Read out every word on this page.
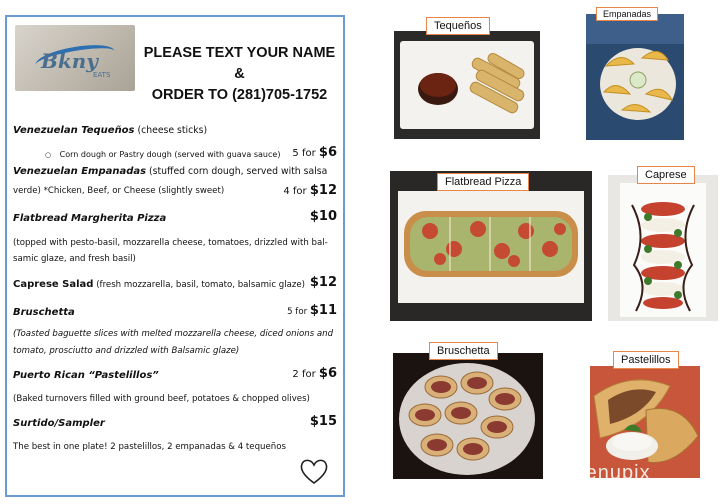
Bkny
EATS
PLEASE TEXT YOUR NAME &
ORDER TO (281)705-1752
Venezuelan Tequeños (cheese sticks)
○ Corn dough or Pastry dough (served with guava sauce)	5 for $6
Venezuelan Empanadas (stuffed corn dough, served with salsa
verde) *Chicken, Beef, or Cheese (slightly sweet)	4 for $12
Flatbread Margherita Pizza	$10
(topped with pesto-basil, mozzarella cheese, tomatoes, drizzled with bal-
samic glaze, and fresh basil)
Caprese Salad (fresh mozzarella, basil, tomato, balsamic glaze) $12
Bruschetta	5 for $11
(Toasted baguette slices with melted mozzarella cheese, diced onions and
tomato, prosciutto and drizzled with Balsamic glaze)
Puerto Rican “Pastelillos”	2 for $6
(Baked turnovers filled with ground beef, potatoes & chopped olives)
Surtido/Sampler	$15
The best in one plate! 2 pastelillos, 2 empanadas & 4 tequeños
Tequeños
Empanadas
Flatbread Pizza
Caprese
Bruschetta
Pastelillos
menupix
